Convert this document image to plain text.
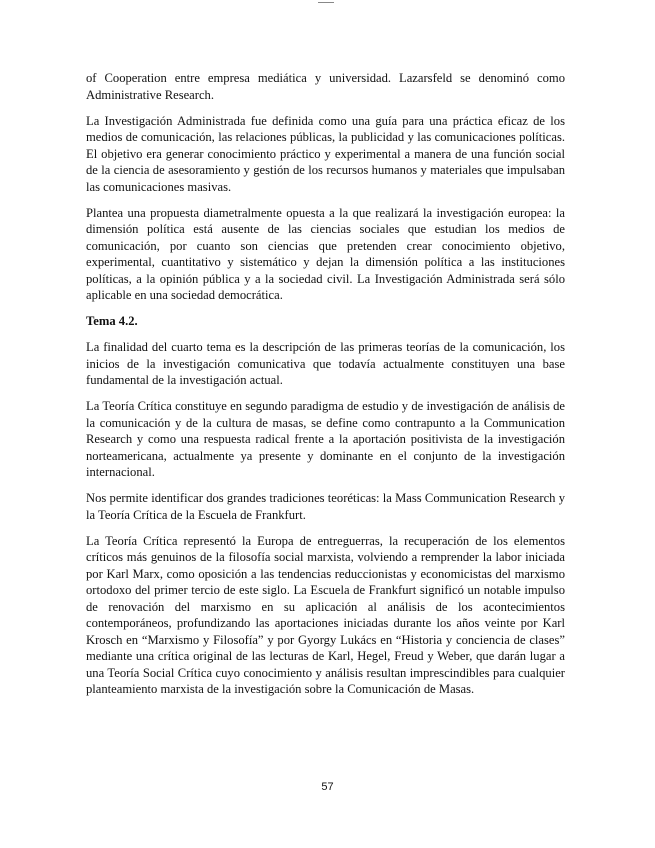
of Cooperation entre empresa mediática y universidad. Lazarsfeld se denominó como Administrative Research.

La Investigación Administrada fue definida como una guía para una práctica eficaz de los medios de comunicación, las relaciones públicas, la publicidad y las comunicaciones políticas. El objetivo era generar conocimiento práctico y experimental a manera de una función social de la ciencia de asesoramiento y gestión de los recursos humanos y materiales que impulsaban las comunicaciones masivas.

Plantea una propuesta diametralmente opuesta a la que realizará la investigación europea: la dimensión política está ausente de las ciencias sociales que estudian los medios de comunicación, por cuanto son ciencias que pretenden crear conocimiento objetivo, experimental, cuantitativo y sistemático y dejan la dimensión política a las instituciones políticas, a la opinión pública y a la sociedad civil. La Investigación Administrada será sólo aplicable en una sociedad democrática.

Tema 4.2.

La finalidad del cuarto tema es la descripción de las primeras teorías de la comunicación, los inicios de la investigación comunicativa que todavía actualmente constituyen una base fundamental de la investigación actual.

La Teoría Crítica constituye en segundo paradigma de estudio y de investigación de análisis de la comunicación y de la cultura de masas, se define como contrapunto a la Communication Research y como una respuesta radical frente a la aportación positivista de la investigación norteamericana, actualmente ya presente y dominante en el conjunto de la investigación internacional.

Nos permite identificar dos grandes tradiciones teoréticas: la Mass Communication Research y la Teoría Crítica de la Escuela de Frankfurt.

La Teoría Crítica representó la Europa de entreguerras, la recuperación de los elementos críticos más genuinos de la filosofía social marxista, volviendo a remprender la labor iniciada por Karl Marx, como oposición a las tendencias reduccionistas y economicistas del marxismo ortodoxo del primer tercio de este siglo. La Escuela de Frankfurt significó un notable impulso de renovación del marxismo en su aplicación al análisis de los acontecimientos contemporáneos, profundizando las aportaciones iniciadas durante los años veinte por Karl Krosch en “Marxismo y Filosofía” y por Gyorgy Lukács en “Historia y conciencia de clases” mediante una crítica original de las lecturas de Karl, Hegel, Freud y Weber, que darán lugar a una Teoría Social Crítica cuyo conocimiento y análisis resultan imprescindibles para cualquier planteamiento marxista de la investigación sobre la Comunicación de Masas.

57
